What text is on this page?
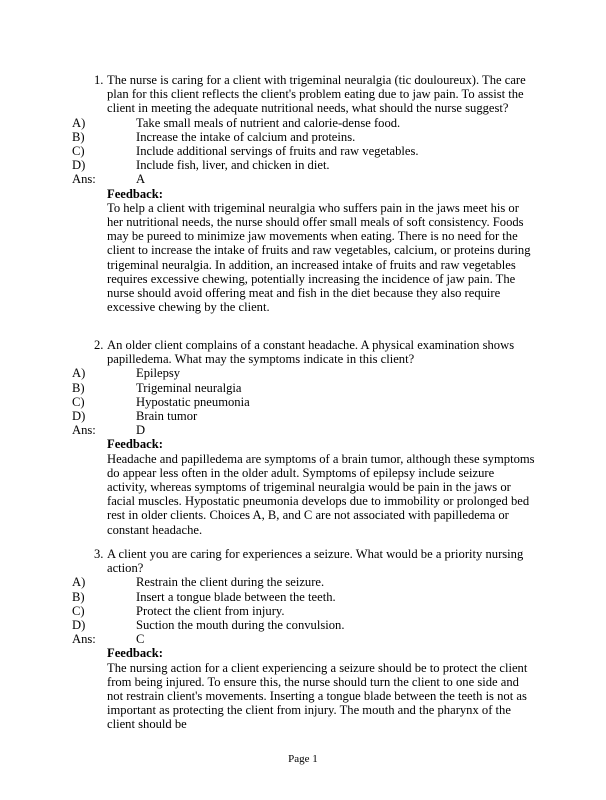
1. The nurse is caring for a client with trigeminal neuralgia (tic douloureux). The care plan for this client reflects the client's problem eating due to jaw pain. To assist the client in meeting the adequate nutritional needs, what should the nurse suggest?
A)	Take small meals of nutrient and calorie-dense food.
B)	Increase the intake of calcium and proteins.
C)	Include additional servings of fruits and raw vegetables.
D)	Include fish, liver, and chicken in diet.
Ans:	A
Feedback:
To help a client with trigeminal neuralgia who suffers pain in the jaws meet his or her nutritional needs, the nurse should offer small meals of soft consistency. Foods may be pureed to minimize jaw movements when eating. There is no need for the client to increase the intake of fruits and raw vegetables, calcium, or proteins during trigeminal neuralgia. In addition, an increased intake of fruits and raw vegetables requires excessive chewing, potentially increasing the incidence of jaw pain. The nurse should avoid offering meat and fish in the diet because they also require excessive chewing by the client.
2. An older client complains of a constant headache. A physical examination shows papilledema. What may the symptoms indicate in this client?
A)	Epilepsy
B)	Trigeminal neuralgia
C)	Hypostatic pneumonia
D)	Brain tumor
Ans:	D
Feedback:
Headache and papilledema are symptoms of a brain tumor, although these symptoms do appear less often in the older adult. Symptoms of epilepsy include seizure activity, whereas symptoms of trigeminal neuralgia would be pain in the jaws or facial muscles. Hypostatic pneumonia develops due to immobility or prolonged bed rest in older clients. Choices A, B, and C are not associated with papilledema or constant headache.
3. A client you are caring for experiences a seizure. What would be a priority nursing action?
A)	Restrain the client during the seizure.
B)	Insert a tongue blade between the teeth.
C)	Protect the client from injury.
D)	Suction the mouth during the convulsion.
Ans:	C
Feedback:
The nursing action for a client experiencing a seizure should be to protect the client from being injured. To ensure this, the nurse should turn the client to one side and not restrain client's movements. Inserting a tongue blade between the teeth is not as important as protecting the client from injury. The mouth and the pharynx of the client should be
Page 1
